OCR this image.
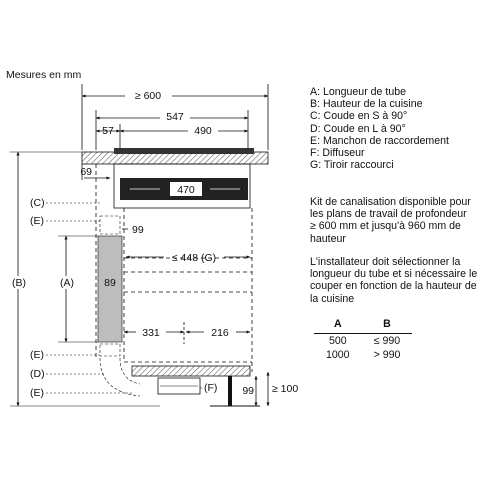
Mesures en mm
≥ 600
547
57	490
69
470
89
99
≤ 448 (G)
331	216
99 ≥ 100
(B)	(A)
(C)
(E)
(E)
(D)
(E)	(F)
A: Longueur de tube
B: Hauteur de la cuisine
C: Coude en S à 90°
D: Coude en L à 90°
E: Manchon de raccordement
F: Diffuseur
G: Tiroir raccourci
Kit de canalisation disponible pour
les plans de travail de profondeur
≥ 600 mm et jusqu'à 960 mm de
hauteur
L'installateur doit sélectionner la
longueur du tube et si nécessaire le
couper en fonction de la hauteur de
la cuisine
A	B
500	≤ 990
1000	> 990
